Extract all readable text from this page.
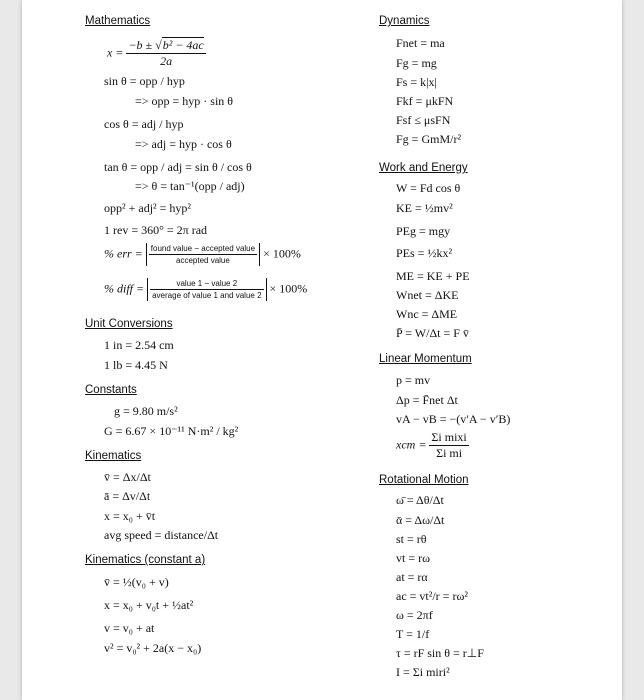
Mathematics
$x = \frac{\text{−b ± √b² − 4ac}}{2a}$
sin θ = opp / hyp
=> opp = hyp · sin θ
cos θ = adj / hyp
=> adj = hyp · cos θ
tan θ = opp / adj = sin θ / cos θ
=> θ = tan⁻¹(opp / adj)
opp² + adj² = hyp²
1 rev = 360° = 2π rad
% err = $\frac{\text{found value − accepted value}}{\text{accepted value}} \times 100\%$
% diff = $\frac{\text{value 1 − value 2}}{\text{average of value 1 and value 2}} \times 100\%$
Unit Conversions
1 in = 2.54 cm
1 lb = 4.45 N
Constants
g = 9.80 m/s²
G = 6.67 × 10⁻¹¹ N·m² / kg²
Kinematics
v̄ = Δx/Δt
ā = Δv/Δt
x = x₀ + v̄t
avg speed = distance/Δt
Kinematics (constant a)
v̄ = ½(v₀ + v)
x = x₀ + v₀t + ½at²
v = v₀ + at
v² = v₀² + 2a(x − x₀)
Dynamics
Fnet = ma
Fg = mg
Fs = k|x|
Fkf = μkFN
Fsf ≤ μsFN
Fg = GmM/r²
Work and Energy
W = Fd cos θ
KE = ½mv²
PEg = mgy
PEs = ½kx²
ME = KE + PE
Wnet = ΔKE
Wnc = ΔME
P̄ = W/Δt = F v̄
Linear Momentum
p = mv
Δp = F̄net Δt
vA − vB = −(v′A − v′B)
xcm = $\frac{\text{Σi mixi}}{\text{Σi mi}}$
Rotational Motion
ω̄ = Δθ/Δt
ᾱ = Δω/Δt
st = rθ
vt = rω
at = rα
ac = vt²/r = rω²
ω = 2πf
T = 1/f
τ = rF sin θ = r⊥F
I = Σi miri²
